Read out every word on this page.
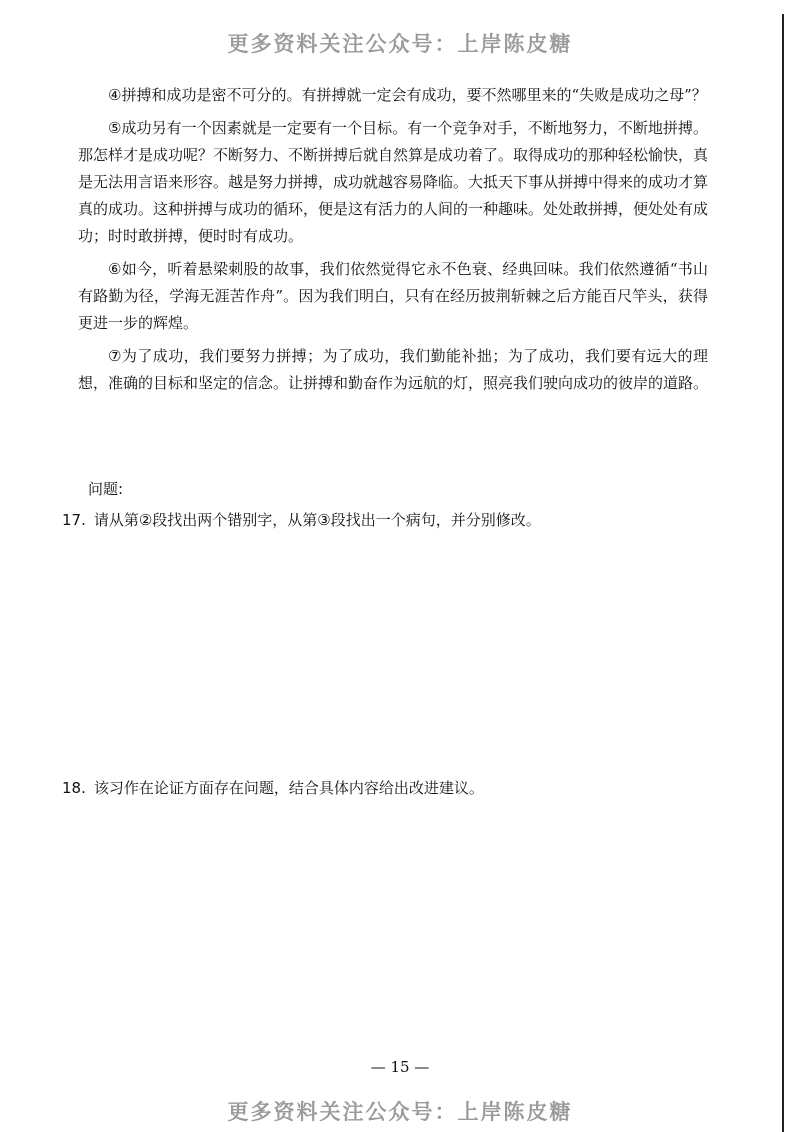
更多资料关注公众号：上岸陈皮糖

④拼搏和成功是密不可分的。有拼搏就一定会有成功，要不然哪里来的“失败是成功之母”？

⑤成功另有一个因素就是一定要有一个目标。有一个竞争对手，不断地努力，不断地拼搏。那怎样才是成功呢？不断努力、不断拼搏后就自然算是成功着了。取得成功的那种轻松愉快，真是无法用言语来形容。越是努力拼搏，成功就越容易降临。大抵天下事从拼搏中得来的成功才算真的成功。这种拼搏与成功的循环，便是这有活力的人间的一种趣味。处处敢拼搏，便处处有成功；时时敢拼搏，便时时有成功。

⑥如今，听着悬梁刺股的故事，我们依然觉得它永不色衰、经典回味。我们依然遵循“书山有路勤为径，学海无涯苦作舟”。因为我们明白，只有在经历披荆斩棘之后方能百尺竿头，获得更进一步的辉煌。

⑦为了成功，我们要努力拼搏；为了成功，我们勤能补拙；为了成功，我们要有远大的理想，准确的目标和坚定的信念。让拼搏和勤奋作为远航的灯，照亮我们驶向成功的彼岸的道路。

问题:
17. 请从第②段找出两个错别字，从第③段找出一个病句，并分别修改。
18. 该习作在论证方面存在问题，结合具体内容给出改进建议。
— 15 —
更多资料关注公众号：上岸陈皮糖
